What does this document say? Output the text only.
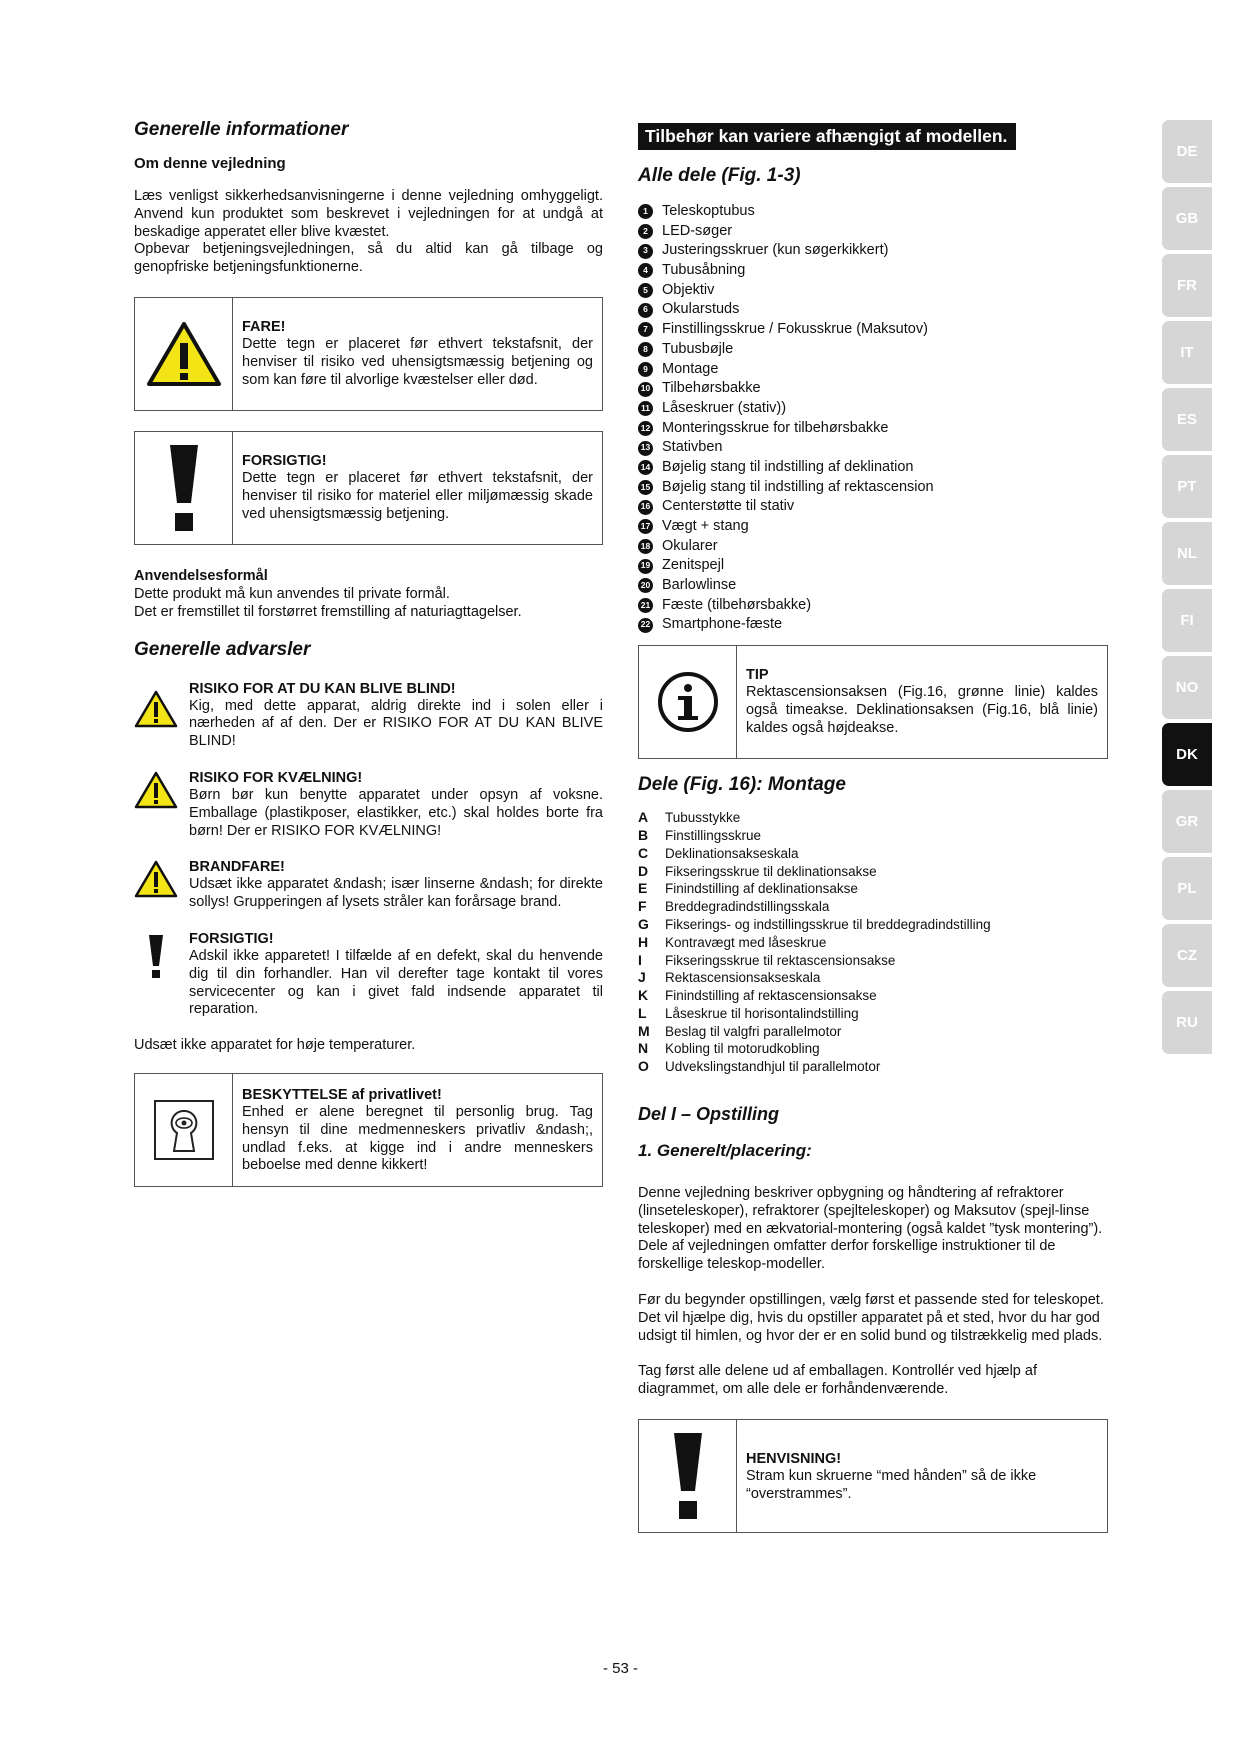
Generelle informationer
Om denne vejledning

Læs venligst sikkerhedsanvisningerne i denne vejledning omhyggeligt. Anvend kun produktet som beskrevet i vejledningen for at undgå at beskadige apperatet eller blive kvæstet.

Opbevar betjeningsvejledningen, så du altid kan gå tilbage og genopfriske betjeningsfunktionerne.

FARE!

Dette tegn er placeret før ethvert tekstafsnit, der henviser til risiko ved uhensigtsmæssig betjening og som kan føre til alvorlige kvæstelser eller død.

FORSIGTIG!

Dette tegn er placeret før ethvert tekstafsnit, der henviser til risiko for materiel eller miljømæssig skade ved uhensigtsmæssig betjening.

Anvendelsesformål

Dette produkt må kun anvendes til private formål.

Det er fremstillet til forstørret fremstilling af naturiagttagelser.

Generelle advarsler
RISIKO FOR AT DU KAN BLIVE BLIND!

Kig, med dette apparat, aldrig direkte ind i solen eller i nærheden af af den. Der er RISIKO FOR AT DU KAN BLIVE BLIND!

RISIKO FOR KVÆLNING!

Børn bør kun benytte apparatet under opsyn af voksne. Emballage (plastikposer, elastikker, etc.) skal holdes borte fra børn! Der er RISIKO FOR KVÆLNING!

BRANDFARE!

Udsæt ikke apparatet &ndash; især linserne &ndash; for direkte sollys! Grupperingen af lysets stråler kan forårsage brand.

FORSIGTIG!

Adskil ikke apparetet! I tilfælde af en defekt, skal du henvende dig til din forhandler. Han vil derefter tage kontakt til vores servicecenter og kan i givet fald indsende apparatet til reparation.

Udsæt ikke apparatet for høje temperaturer.

BESKYTTELSE af privatlivet!

Enhed er alene beregnet til personlig brug. Tag hensyn til dine medmenneskers privatliv &ndash;, undlad f.eks. at kigge ind i andre menneskers beboelse med denne kikkert!

Tilbehør kan variere afhængigt af modellen.
Alle dele (Fig. 1-3)
1 Teleskoptubus
2 LED-søger
3 Justeringsskruer (kun søgerkikkert)
4 Tubusåbning
5 Objektiv
6 Okularstuds
7 Finstillingsskrue / Fokusskrue (Maksutov)
8 Tubusbøjle
9 Montage
10 Tilbehørsbakke
11 Låseskruer (stativ))
12 Monteringsskrue for tilbehørsbakke
13 Stativben
14 Bøjelig stang til indstilling af deklination
15 Bøjelig stang til indstilling af rektascension
16 Centerstøtte til stativ
17 Vægt + stang
18 Okularer
19 Zenitspejl
20 Barlowlinse
21 Fæste (tilbehørsbakke)
22 Smartphone-fæste
TIP

Rektascensionsaksen (Fig.16, grønne linie) kaldes også timeakse. Deklinationsaksen (Fig.16, blå linie) kaldes også højdeakse.

Dele (Fig. 16): Montage
A	Tubusstykke
B	Finstillingsskrue
C	Deklinationsakseskala
D	Fikseringsskrue til deklinationsakse
E	Finindstilling af deklinationsakse
F	Breddegradindstillingsskala
G	Fikserings- og indstillingsskrue til breddegradindstilling
H	Kontravægt med låseskrue
I	Fikseringsskrue til rektascensionsakse
J	Rektascensionsakseskala
K	Finindstilling af rektascensionsakse
L	Låseskrue til horisontalindstilling
M	Beslag til valgfri parallelmotor
N	Kobling til motorudkobling
O	Udvekslingstandhjul til parallelmotor
Del I – Opstilling
1. Generelt/placering:

Denne vejledning beskriver opbygning og håndtering af refraktorer (linseteleskoper), refraktorer (spejlteleskoper) og Maksutov (spejl-linse teleskoper) med en ækvatorial-montering (også kaldet ”tysk montering”). Dele af vejledningen omfatter derfor forskellige instruktioner til de forskellige teleskop-modeller.

Før du begynder opstillingen, vælg først et passende sted for teleskopet.

Det vil hjælpe dig, hvis du opstiller apparatet på et sted, hvor du har god udsigt til himlen, og hvor der er en solid bund og tilstrækkelig med plads.

Tag først alle delene ud af emballagen. Kontrollér ved hjælp af diagrammet, om alle dele er forhåndenværende.

HENVISNING!

Stram kun skruerne “med hånden” så de ikke “overstrammes”.

DE
GB
FR
IT
ES
PT
NL
FI
NO
DK
GR
PL
CZ
RU
- 53 -
